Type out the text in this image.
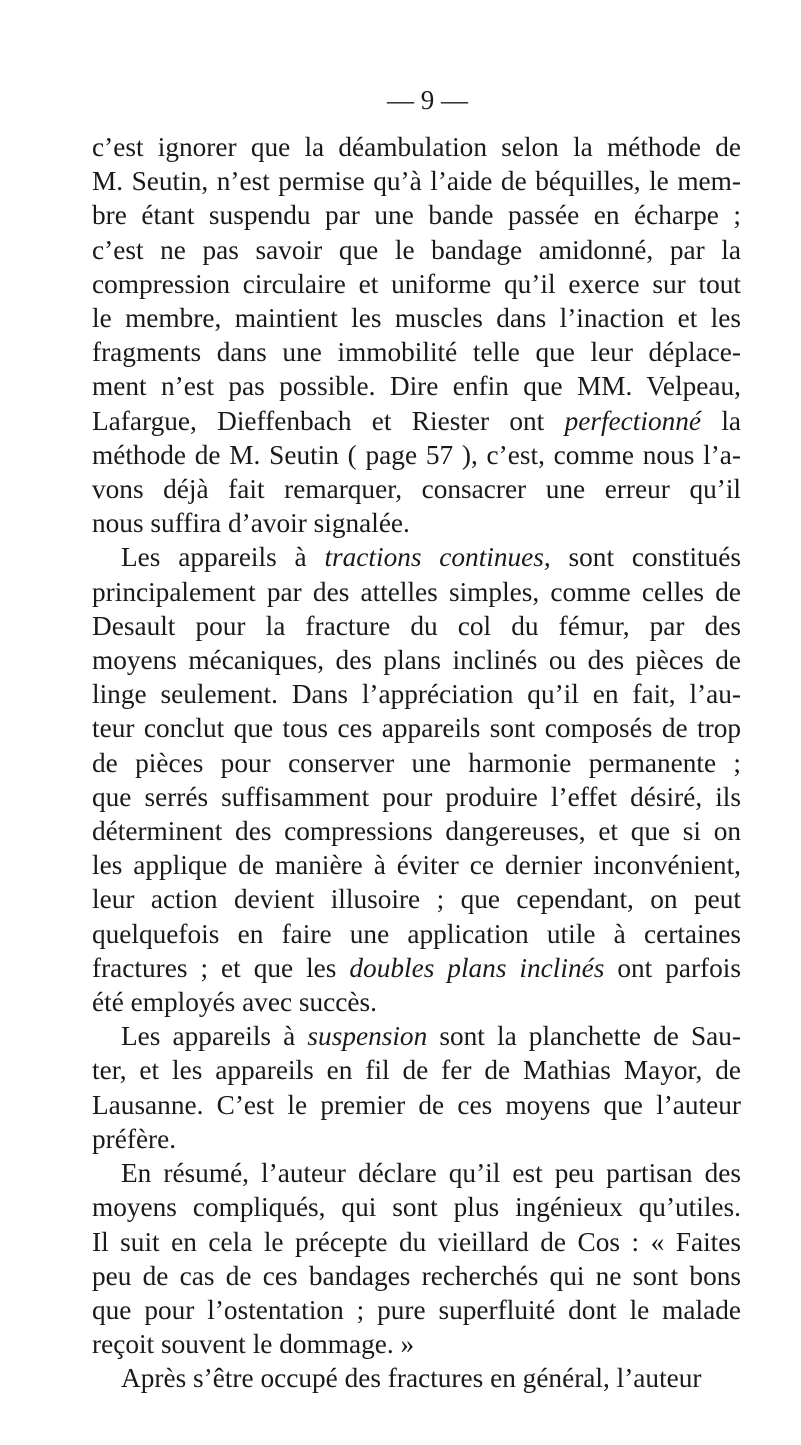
— 9 —

c’est ignorer que la déambulation selon la méthode de

M. Seutin, n’est permise qu’à l’aide de béquilles, le mem-

bre étant suspendu par une bande passée en écharpe ;

c’est ne pas savoir que le bandage amidonné, par la

compression circulaire et uniforme qu’il exerce sur tout

le membre, maintient les muscles dans l’inaction et les

fragments dans une immobilité telle que leur déplace-

ment n’est pas possible. Dire enfin que MM. Velpeau,

Lafargue, Dieffenbach et Riester ont perfectionné la

méthode de M. Seutin ( page 57 ), c’est, comme nous l’a-

vons déjà fait remarquer, consacrer une erreur qu’il

nous suffira d’avoir signalée.

Les appareils à tractions continues, sont constitués

principalement par des attelles simples, comme celles de

Desault pour la fracture du col du fémur, par des

moyens mécaniques, des plans inclinés ou des pièces de

linge seulement. Dans l’appréciation qu’il en fait, l’au-

teur conclut que tous ces appareils sont composés de trop

de pièces pour conserver une harmonie permanente ;

que serrés suffisamment pour produire l’effet désiré, ils

déterminent des compressions dangereuses, et que si on

les applique de manière à éviter ce dernier inconvénient,

leur action devient illusoire ; que cependant, on peut

quelquefois en faire une application utile à certaines

fractures ; et que les doubles plans inclinés ont parfois

été employés avec succès.

Les appareils à suspension sont la planchette de Sau-

ter, et les appareils en fil de fer de Mathias Mayor, de

Lausanne. C’est le premier de ces moyens que l’auteur

préfère.

En résumé, l’auteur déclare qu’il est peu partisan des

moyens compliqués, qui sont plus ingénieux qu’utiles.

Il suit en cela le précepte du vieillard de Cos : « Faites

peu de cas de ces bandages recherchés qui ne sont bons

que pour l’ostentation ; pure superfluité dont le malade

reçoit souvent le dommage. »

Après s’être occupé des fractures en général, l’auteur
